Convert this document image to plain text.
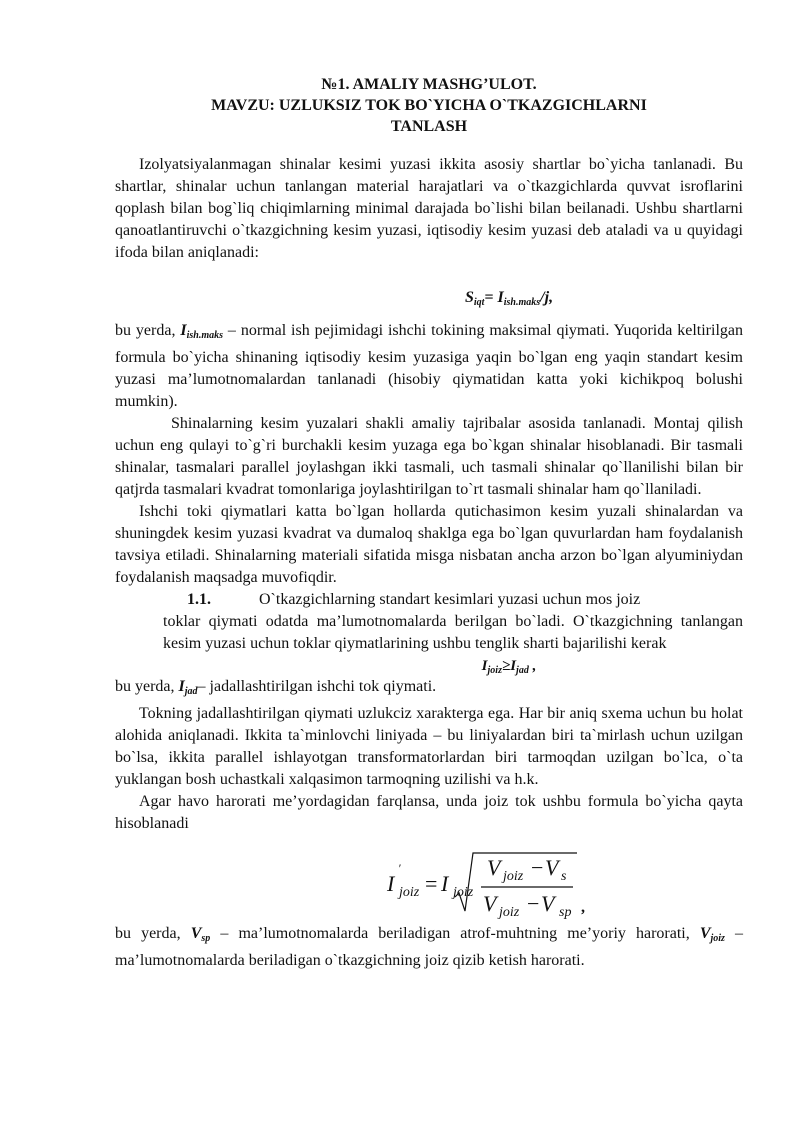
№1. AMALIY MASHG’ULOT.
MAVZU: UZLUKSIZ TOK BO`YICHA O`TKAZGICHLARNI
TANLASH

Izolyatsiyalanmagan shinalar kesimi yuzasi ikkita asosiy shartlar bo`yicha tanlanadi. Bu shartlar, shinalar uchun tanlangan material harajatlari va o`tkazgichlarda quvvat isroflarini qoplash bilan bog`liq chiqimlarning minimal darajada bo`lishi bilan beilanadi. Ushbu shartlarni qanoatlantiruvchi o`tkazgichning kesim yuzasi, iqtisodiy kesim yuzasi deb ataladi va u quyidagi ifoda bilan aniqlanadi:

$S_{iqt}= I_{ish.maks}/j$,

bu yerda, $I_{ish.maks}$ – normal ish pejimidagi ishchi tokining maksimal qiymati. Yuqorida keltirilgan formula bo`yicha shinaning iqtisodiy kesim yuzasiga yaqin bo`lgan eng yaqin standart kesim yuzasi ma’lumotnomalardan tanlanadi (hisobiy qiymatidan katta yoki kichikpoq bolushi mumkin).

Shinalarning kesim yuzalari shakli amaliy tajribalar asosida tanlanadi. Montaj qilish uchun eng qulayi to`g`ri burchakli kesim yuzaga ega bo`kgan shinalar hisoblanadi. Bir tasmali shinalar, tasmalari parallel joylashgan ikki tasmali, uch tasmali shinalar qo`llanilishi bilan bir qatjrda tasmalari kvadrat tomonlariga joylashtirilgan to`rt tasmali shinalar ham qo`llaniladi.

Ishchi toki qiymatlari katta bo`lgan hollarda qutichasimon kesim yuzali shinalardan va shuningdek kesim yuzasi kvadrat va dumaloq shaklga ega bo`lgan quvurlardan ham foydalanish tavsiya etiladi. Shinalarning materiali sifatida misga nisbatan ancha arzon bo`lgan alyuminiydan foydalanish maqsadga muvofiqdir.

1.1.	O`tkazgichlarning standart kesimlari yuzasi uchun mos joiz
toklar qiymati odatda ma’lumotnomalarda berilgan bo`ladi. O`tkazgichning tanlangan kesim yuzasi uchun toklar qiymatlarining ushbu tenglik sharti bajarilishi kerak
$I_{joiz}\ge I_{jad}$ ,

bu yerda, $I_{jad}-$ jadallashtirilgan ishchi tok qiymati.

Tokning jadallashtirilgan qiymati uzlukciz xarakterga ega. Har bir aniq sxema uchun bu holat alohida aniqlanadi. Ikkita ta`minlovchi liniyada – bu liniyalardan biri ta`mirlash uchun uzilgan bo`lsa, ikkita parallel ishlayotgan transformatorlardan biri tarmoqdan uzilgan bo`lca, o`ta yuklangan bosh uchastkali xalqasimon tarmoqning uzilishi va h.k.

Agar havo harorati me’yordagidan farqlansa, unda joiz tok ushbu formula bo`yicha qayta hisoblanadi

I
′
joiz = I joiz
V joiz − V s
V joiz − V sp ,

bu yerda, $V_{sp}$ – ma’lumotnomalarda beriladigan atrof-muhtning me’yoriy harorati, $V_{joiz}$ – ma’lumotnomalarda beriladigan o`tkazgichning joiz qizib ketish harorati.
